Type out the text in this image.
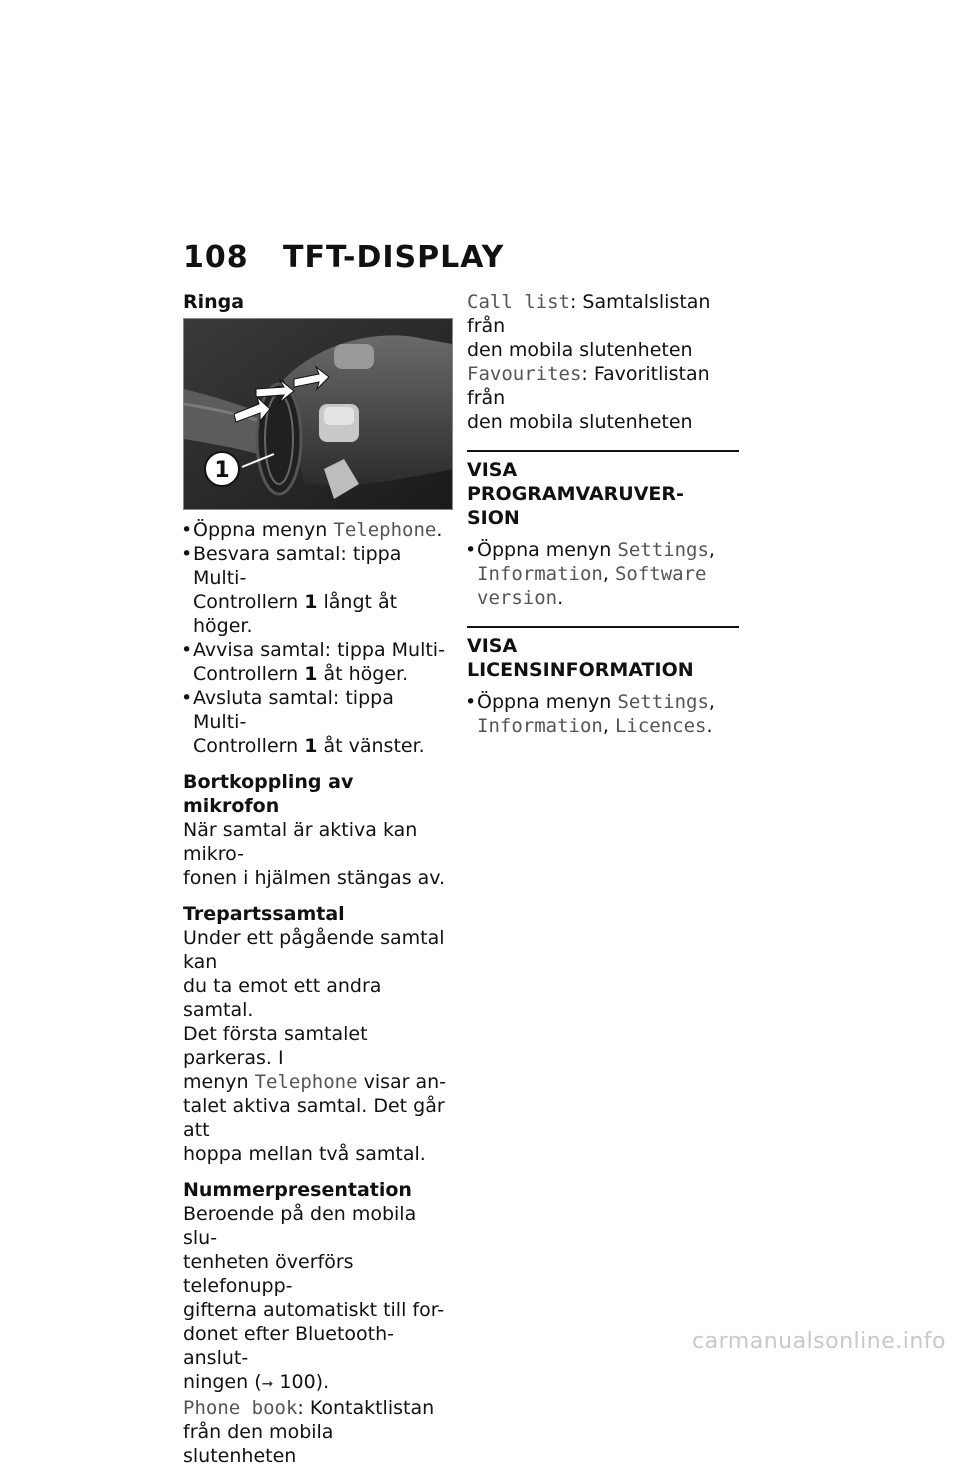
108	TFT-DISPLAY

Ringa

1
• Öppna menyn Telephone.
• Besvara samtal: tippa Multi-
Controllern 1 långt åt höger.
• Avvisa samtal: tippa Multi-
Controllern 1 åt höger.
• Avsluta samtal: tippa Multi-
Controllern 1 åt vänster.

Bortkoppling av mikrofon

När samtal är aktiva kan mikro-

fonen i hjälmen stängas av.

Trepartssamtal

Under ett pågående samtal kan

du ta emot ett andra samtal.

Det första samtalet parkeras. I

menyn Telephone visar an-

talet aktiva samtal. Det går att

hoppa mellan två samtal.

Nummerpresentation

Beroende på den mobila slu-

tenheten överförs telefonupp-

gifterna automatiskt till for-

donet efter Bluetooth-anslut-

ningen (➞ 100).

Phone book: Kontaktlistan

från den mobila slutenheten

Call list: Samtalslistan från

den mobila slutenheten

Favourites: Favoritlistan från

den mobila slutenheten

VISA PROGRAMVARUVER-
SION
• Öppna menyn Settings,
Information, Software
version.
VISA LICENSINFORMATION
• Öppna menyn Settings,
Information, Licences.
carmanualsonline.info
